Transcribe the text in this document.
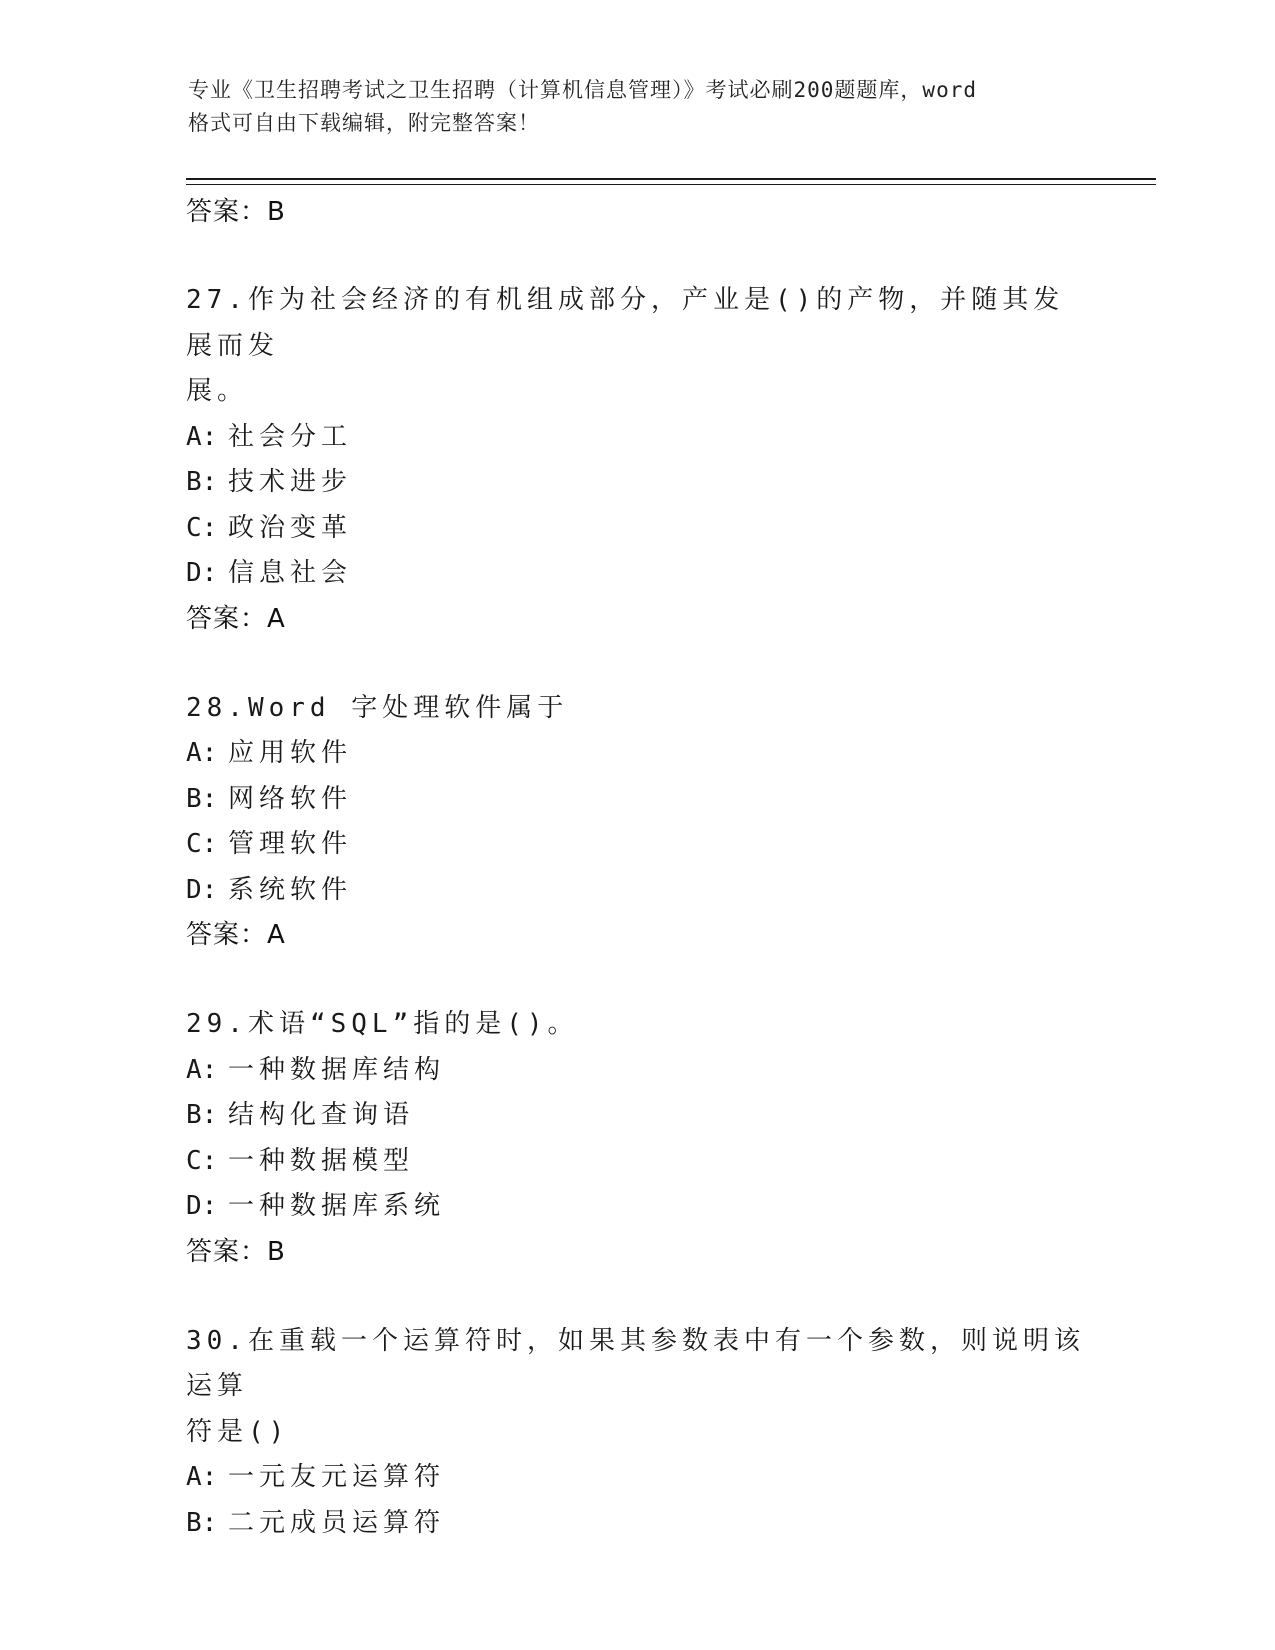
专业《卫生招聘考试之卫生招聘（计算机信息管理）》考试必刷200题题库，word
格式可自由下载编辑，附完整答案！
答案：B
27.作为社会经济的有机组成部分，产业是()的产物，并随其发展而发
展。
A: 社会分工
B: 技术进步
C: 政治变革
D: 信息社会
答案：A
28.Word 字处理软件属于
A: 应用软件
B: 网络软件
C: 管理软件
D: 系统软件
答案：A
29.术语“SQL”指的是()。
A: 一种数据库结构
B: 结构化查询语
C: 一种数据模型
D: 一种数据库系统
答案：B
30.在重载一个运算符时，如果其参数表中有一个参数，则说明该运算
符是()
A: 一元友元运算符
B: 二元成员运算符
